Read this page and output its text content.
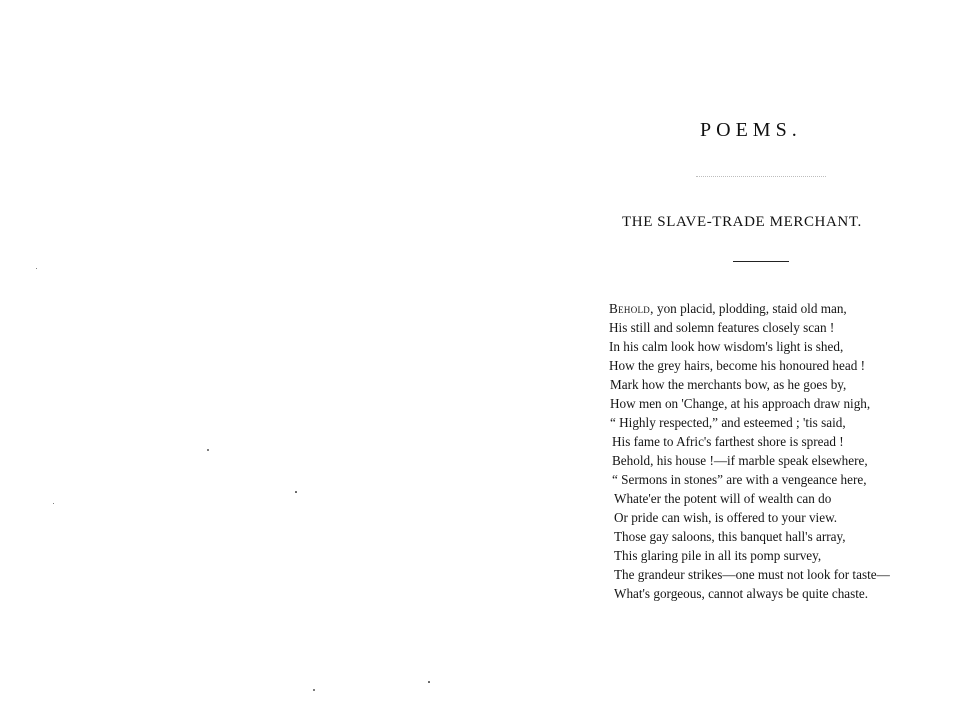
POEMS.
THE SLAVE-TRADE MERCHANT.
Behold, yon placid, plodding, staid old man,
His still and solemn features closely scan !
In his calm look how wisdom's light is shed,
How the grey hairs, become his honoured head !
Mark how the merchants bow, as he goes by,
How men on 'Change, at his approach draw nigh,
“ Highly respected,” and esteemed ; 'tis said,
His fame to Afric's farthest shore is spread !
Behold, his house !—if marble speak elsewhere,
“ Sermons in stones” are with a vengeance here,
Whate'er the potent will of wealth can do
Or pride can wish, is offered to your view.
Those gay saloons, this banquet hall's array,
This glaring pile in all its pomp survey,
The grandeur strikes—one must not look for taste—
What's gorgeous, cannot always be quite chaste.
